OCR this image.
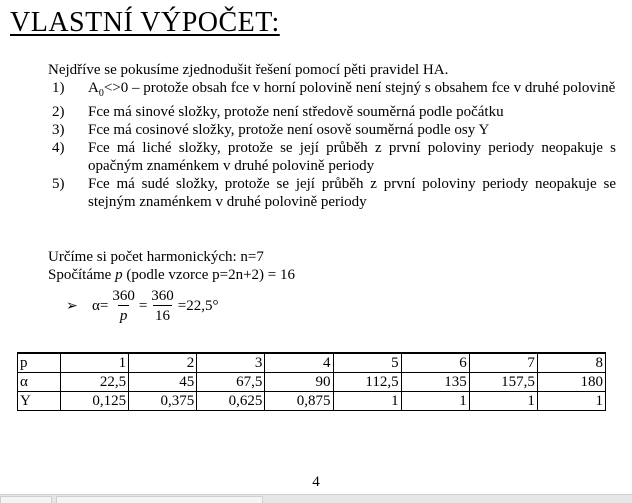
VLASTNÍ VÝPOČET:
Nejdříve se pokusíme zjednodušit řešení pomocí pěti pravidel HA.
1)	$A_0<>0$ – protože obsah fce v horní polovině není stejný s obsahem fce v druhé polovině
2)	Fce má sinové složky, protože není středově souměrná podle počátku
3)	Fce má cosinové složky, protože není osově souměrná podle osy Y
4)	Fce má liché složky, protože se její průběh z první poloviny periody neopakuje s opačným znaménkem v druhé polovině periody
5)	Fce má sudé složky, protože se její průběh z první poloviny periody neopakuje se stejným znaménkem v druhé polovině periody
Určíme si počet harmonických: n=7
Spočítáme p (podle vzorce p=2n+2) = 16
➢ $\alpha= \frac{360}{p} = \frac{360}{16} =22,5^\circ$
p	1	2	3	4	5	6	7	8
α	22,5	45	67,5	90	112,5	135	157,5	180
Y	0,125	0,375	0,625	0,875	1	1	1	1
4
